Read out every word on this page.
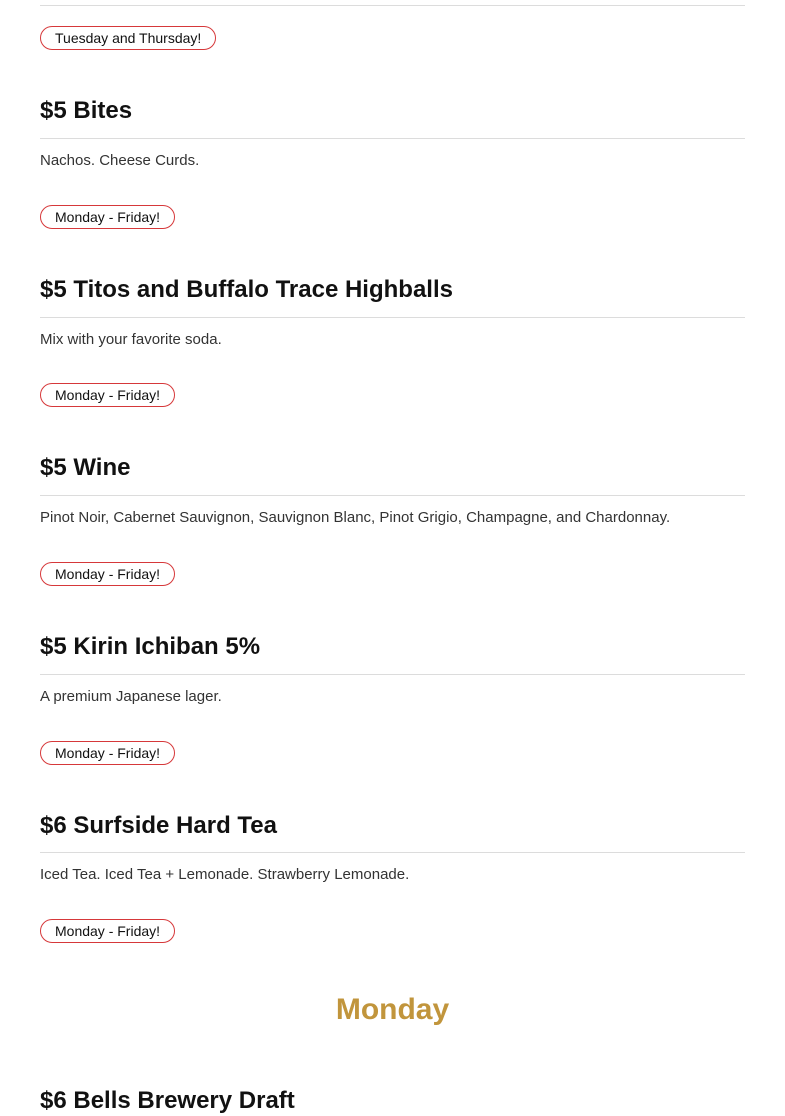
Tuesday and Thursday!
$5 Bites

Nachos. Cheese Curds.

Monday - Friday!
$5 Titos and Buffalo Trace Highballs

Mix with your favorite soda.

Monday - Friday!
$5 Wine

Pinot Noir, Cabernet Sauvignon, Sauvignon Blanc, Pinot Grigio, Champagne, and Chardonnay.

Monday - Friday!
$5 Kirin Ichiban 5%

A premium Japanese lager.

Monday - Friday!
$6 Surfside Hard Tea

Iced Tea. Iced Tea + Lemonade. Strawberry Lemonade.

Monday - Friday!
Monday
$6 Bells Brewery Draft
